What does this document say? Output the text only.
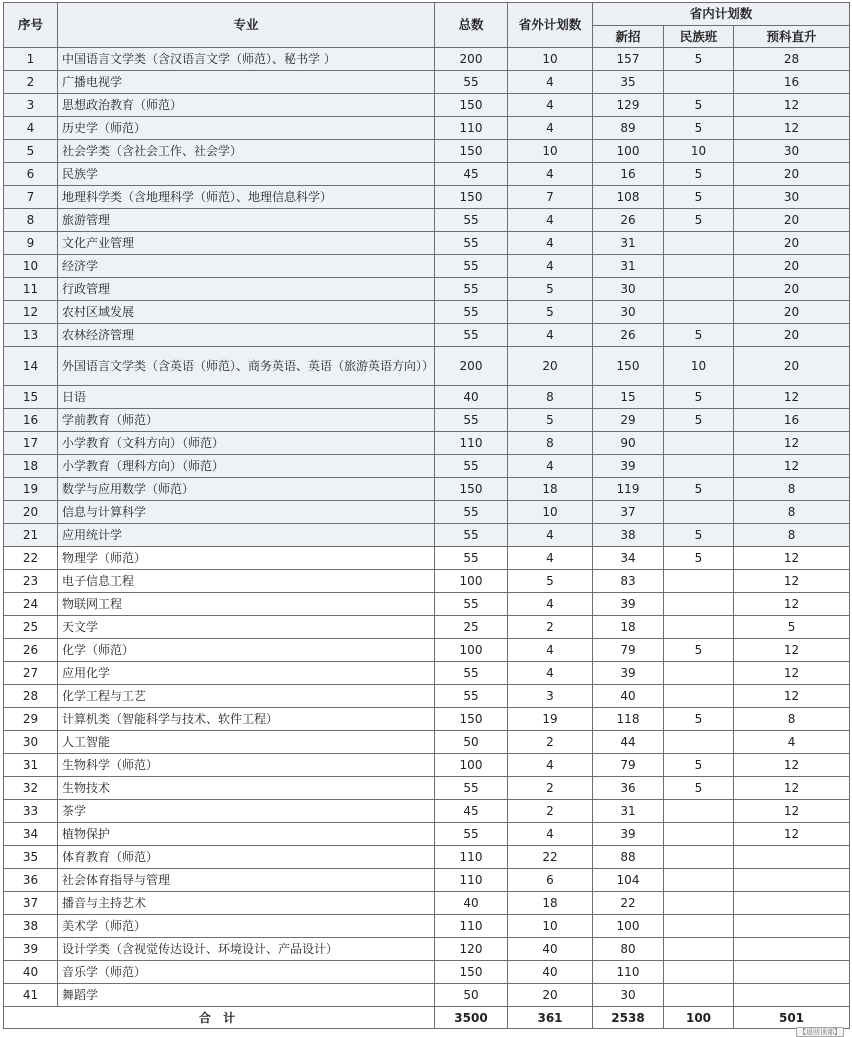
序号	专业	总数	省外计划数	省内计划数		
				新招	民族班	预科直升
1	中国语言文学类（含汉语言文学（师范）、秘书学 ）	200	10	157	5	28
2	广播电视学	55	4	35		16
3	思想政治教育（师范）	150	4	129	5	12
4	历史学（师范）	110	4	89	5	12
5	社会学类（含社会工作、社会学）	150	10	100	10	30
6	民族学	45	4	16	5	20
7	地理科学类（含地理科学（师范）、地理信息科学）	150	7	108	5	30
8	旅游管理	55	4	26	5	20
9	文化产业管理	55	4	31		20
10	经济学	55	4	31		20
11	行政管理	55	5	30		20
12	农村区域发展	55	5	30		20
13	农林经济管理	55	4	26	5	20
14	外国语言文学类（含英语（师范）、商务英语、英语（旅游英语方向））	200	20	150	10	20
15	日语	40	8	15	5	12
16	学前教育（师范）	55	5	29	5	16
17	小学教育（文科方向）（师范）	110	8	90		12
18	小学教育（理科方向）（师范）	55	4	39		12
19	数学与应用数学（师范）	150	18	119	5	8
20	信息与计算科学	55	10	37		8
21	应用统计学	55	4	38	5	8
22	物理学（师范）	55	4	34	5	12
23	电子信息工程	100	5	83		12
24	物联网工程	55	4	39		12
25	天文学	25	2	18		5
26	化学（师范）	100	4	79	5	12
27	应用化学	55	4	39		12
28	化学工程与工艺	55	3	40		12
29	计算机类（智能科学与技术、软件工程）	150	19	118	5	8
30	人工智能	50	2	44		4
31	生物科学（师范）	100	4	79	5	12
32	生物技术	55	2	36	5	12
33	茶学	45	2	31		12
34	植物保护	55	4	39		12
35	体育教育（师范）	110	22	88		
36	社会体育指导与管理	110	6	104		
37	播音与主持艺术	40	18	22		
38	美术学（师范）	110	10	100		
39	设计学类（含视觉传达设计、环境设计、产品设计）	120	40	80		
40	音乐学（师范）	150	40	110		
41	舞蹈学	50	20	30		
合 计		3500	361	2538	100	501
【返回顶部】
